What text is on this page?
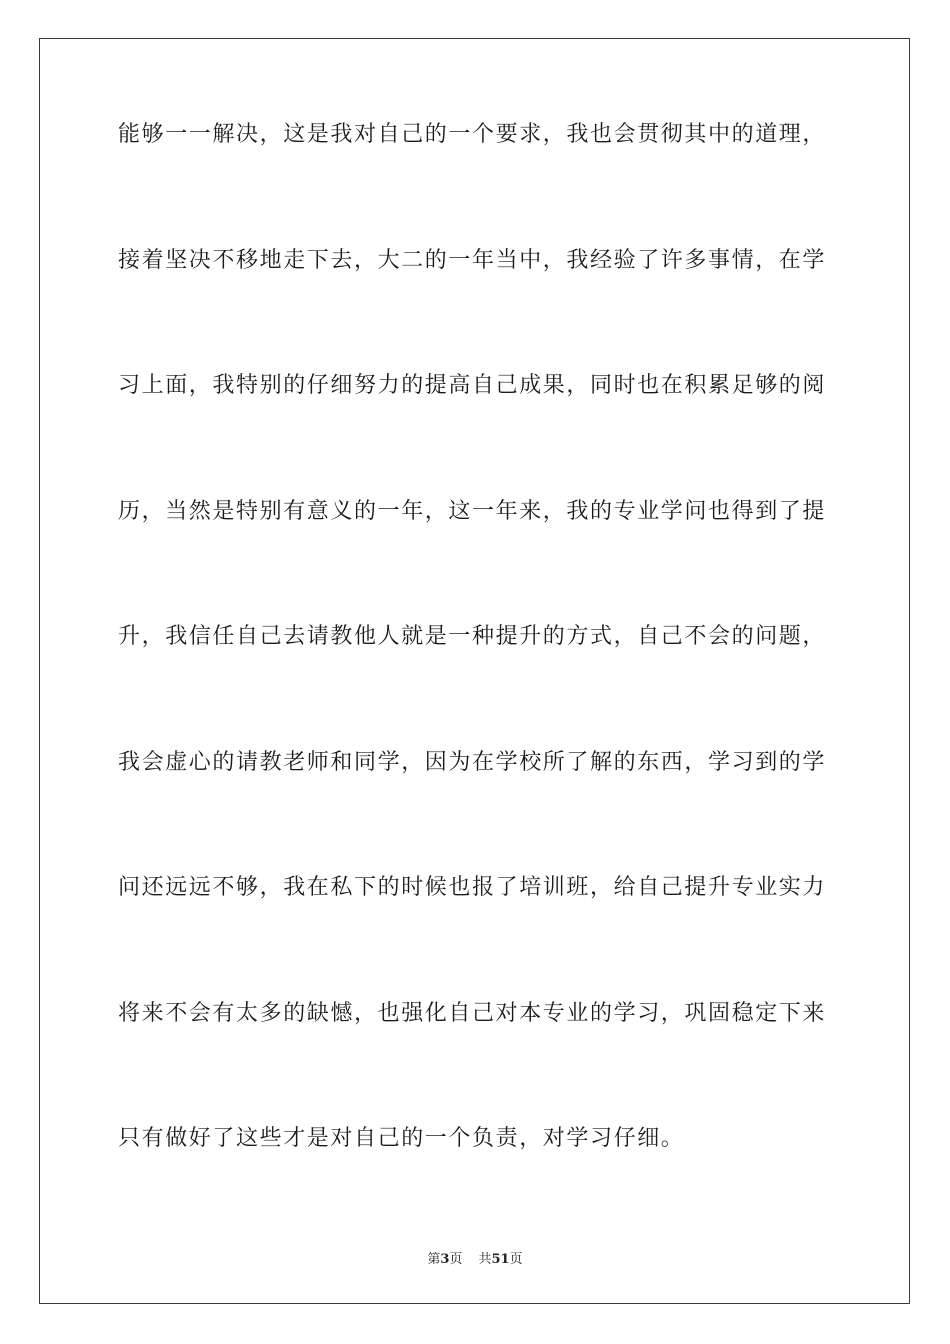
能够一一解决，这是我对自己的一个要求，我也会贯彻其中的道理，
接着坚决不移地走下去，大二的一年当中，我经验了许多事情，在学
习上面，我特别的仔细努力的提高自己成果，同时也在积累足够的阅
历，当然是特别有意义的一年，这一年来，我的专业学问也得到了提
升，我信任自己去请教他人就是一种提升的方式，自己不会的问题，
我会虚心的请教老师和同学，因为在学校所了解的东西，学习到的学
问还远远不够，我在私下的时候也报了培训班，给自己提升专业实力
将来不会有太多的缺憾，也强化自己对本专业的学习，巩固稳定下来
只有做好了这些才是对自己的一个负责，对学习仔细。
第3页 共51页
